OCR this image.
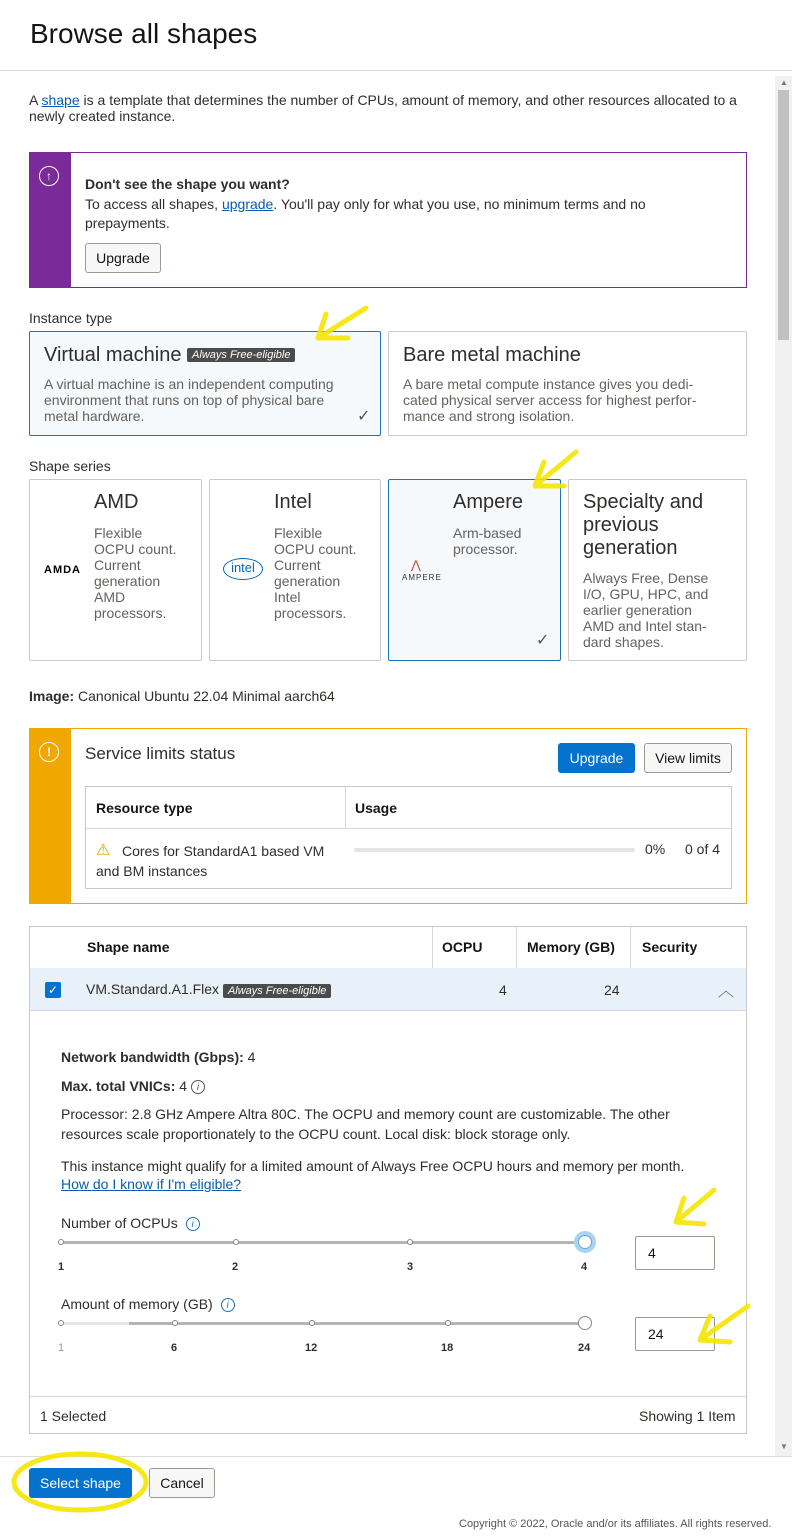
Browse all shapes
▲
▼
A shape is a template that determines the number of CPUs, amount of memory, and other resources allocated to a newly created instance.
↑	Don't see the shape you want?
To access all shapes, upgrade. You'll pay only for what you use, no minimum terms and no prepayments.
Upgrade
Instance type
Virtual machine Always Free-eligible
A virtual machine is an independent computing environment that runs on top of physical bare metal hardware.	✓
Bare metal machine
A bare metal compute instance gives you dedi-cated physical server access for highest perfor-mance and strong isolation.
Shape series
AMD
AMDA
Flexible OCPU count. Current generation AMD processors.
Intel
intel
Flexible OCPU count. Current generation Intel processors.
Ampere
⋀
AMPERE
Arm-based processor.
✓
Specialty and previous generation
Always Free, Dense I/O, GPU, HPC, and earlier generation AMD and Intel stan-dard shapes.
Image: Canonical Ubuntu 22.04 Minimal aarch64
!	Service limits status	Upgrade	View limits
Resource type	Usage
⚠ Cores for StandardA1 based VM and BM instances
0% 0 of 4
Shape name	OCPU	Memory (GB) Security
✓ VM.Standard.A1.Flex Always Free-eligible	4	24	︿
Network bandwidth (Gbps): 4
Max. total VNICs: 4 i
Processor: 2.8 GHz Ampere Altra 80C. The OCPU and memory count are customizable. The other resources scale proportionately to the OCPU count. Local disk: block storage only.
This instance might qualify for a limited amount of Always Free OCPU hours and memory per month.
How do I know if I'm eligible?
Number of OCPUs i
1	2	3	4
4
Amount of memory (GB) i
1	6	12	18	24
24
1 Selected	Showing 1 Item
Select shape	Cancel
Copyright © 2022, Oracle and/or its affiliates. All rights reserved.
